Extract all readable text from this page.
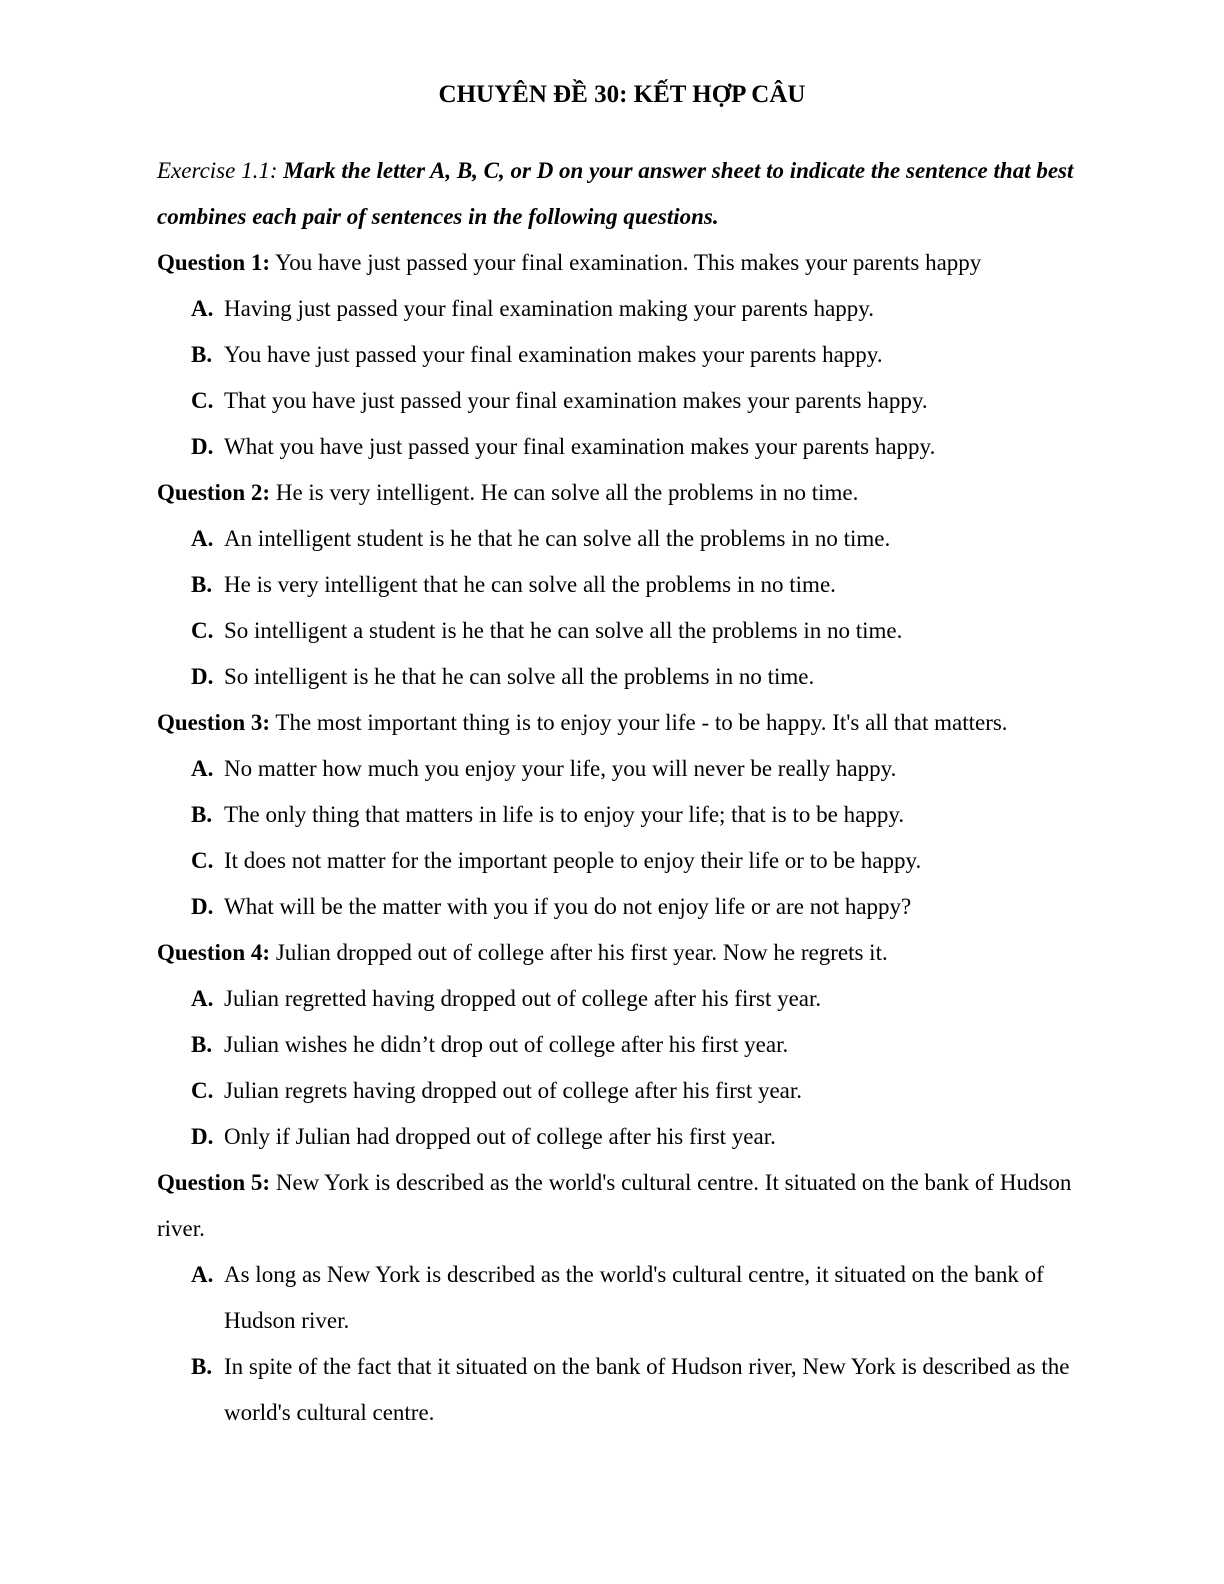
CHUYÊN ĐỀ 30: KẾT HỢP CÂU

Exercise 1.1: Mark the letter A, B, C, or D on your answer sheet to indicate the sentence that best combines each pair of sentences in the following questions.

Question 1: You have just passed your final examination. This makes your parents happy

A. Having just passed your final examination making your parents happy.

B. You have just passed your final examination makes your parents happy.

C. That you have just passed your final examination makes your parents happy.

D. What you have just passed your final examination makes your parents happy.

Question 2: He is very intelligent. He can solve all the problems in no time.

A. An intelligent student is he that he can solve all the problems in no time.

B. He is very intelligent that he can solve all the problems in no time.

C. So intelligent a student is he that he can solve all the problems in no time.

D. So intelligent is he that he can solve all the problems in no time.

Question 3: The most important thing is to enjoy your life - to be happy. It's all that matters.

A. No matter how much you enjoy your life, you will never be really happy.

B. The only thing that matters in life is to enjoy your life; that is to be happy.

C. It does not matter for the important people to enjoy their life or to be happy.

D. What will be the matter with you if you do not enjoy life or are not happy?

Question 4: Julian dropped out of college after his first year. Now he regrets it.

A. Julian regretted having dropped out of college after his first year.

B. Julian wishes he didn’t drop out of college after his first year.

C. Julian regrets having dropped out of college after his first year.

D. Only if Julian had dropped out of college after his first year.

Question 5: New York is described as the world's cultural centre. It situated on the bank of Hudson river.

A. As long as New York is described as the world's cultural centre, it situated on the bank of Hudson river.

B. In spite of the fact that it situated on the bank of Hudson river, New York is described as the world's cultural centre.
